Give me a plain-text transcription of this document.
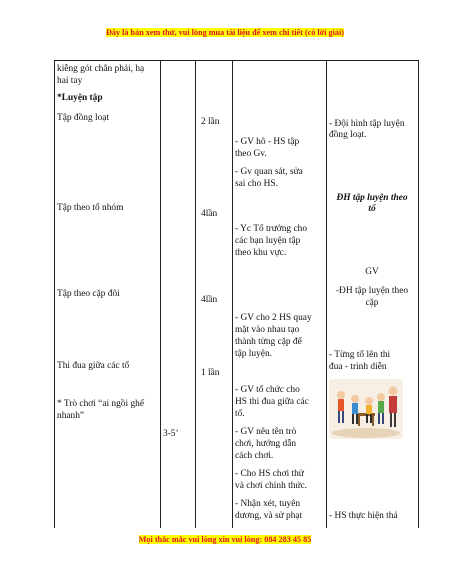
Đây là bản xem thử, vui lòng mua tài liệu để xem chi tiết (có lời giải)
kiễng gót chân phải, hạ
hai tay
*Luyện tập
Tập đồng loạt
Tập theo tổ nhóm
Tập theo cặp đôi
Thi đua giữa các tổ
* Trò chơi “ai ngồi ghế
nhanh”
3-5’
2 lần
4lần
4lần
1 lần
- GV hô - HS tập
theo Gv.
- Gv quan sát, sửa
sai cho HS.
- Yc Tổ trưởng cho
các bạn luyện tập
theo khu vực.
- GV cho 2 HS quay
mặt vào nhau tạo
thành từng cặp để
tập luyện.
- GV tổ chức cho
HS thi đua giữa các
tổ.
- GV nêu tên trò
chơi, hướng dẫn
cách chơi.
- Cho HS chơi thử
và chơi chính thức.
- Nhận xét, tuyên
dương, và sử phạt
- Đội hình tập luyện
đồng loạt.
ĐH tập luyện theo
tổ
GV
-ĐH tập luyện theo
cặp
- Từng tổ lên thi
đua - trình diễn
- HS thực hiện thả
Mọi thắc mắc vui lòng xin vui lòng: 084 283 45 85
